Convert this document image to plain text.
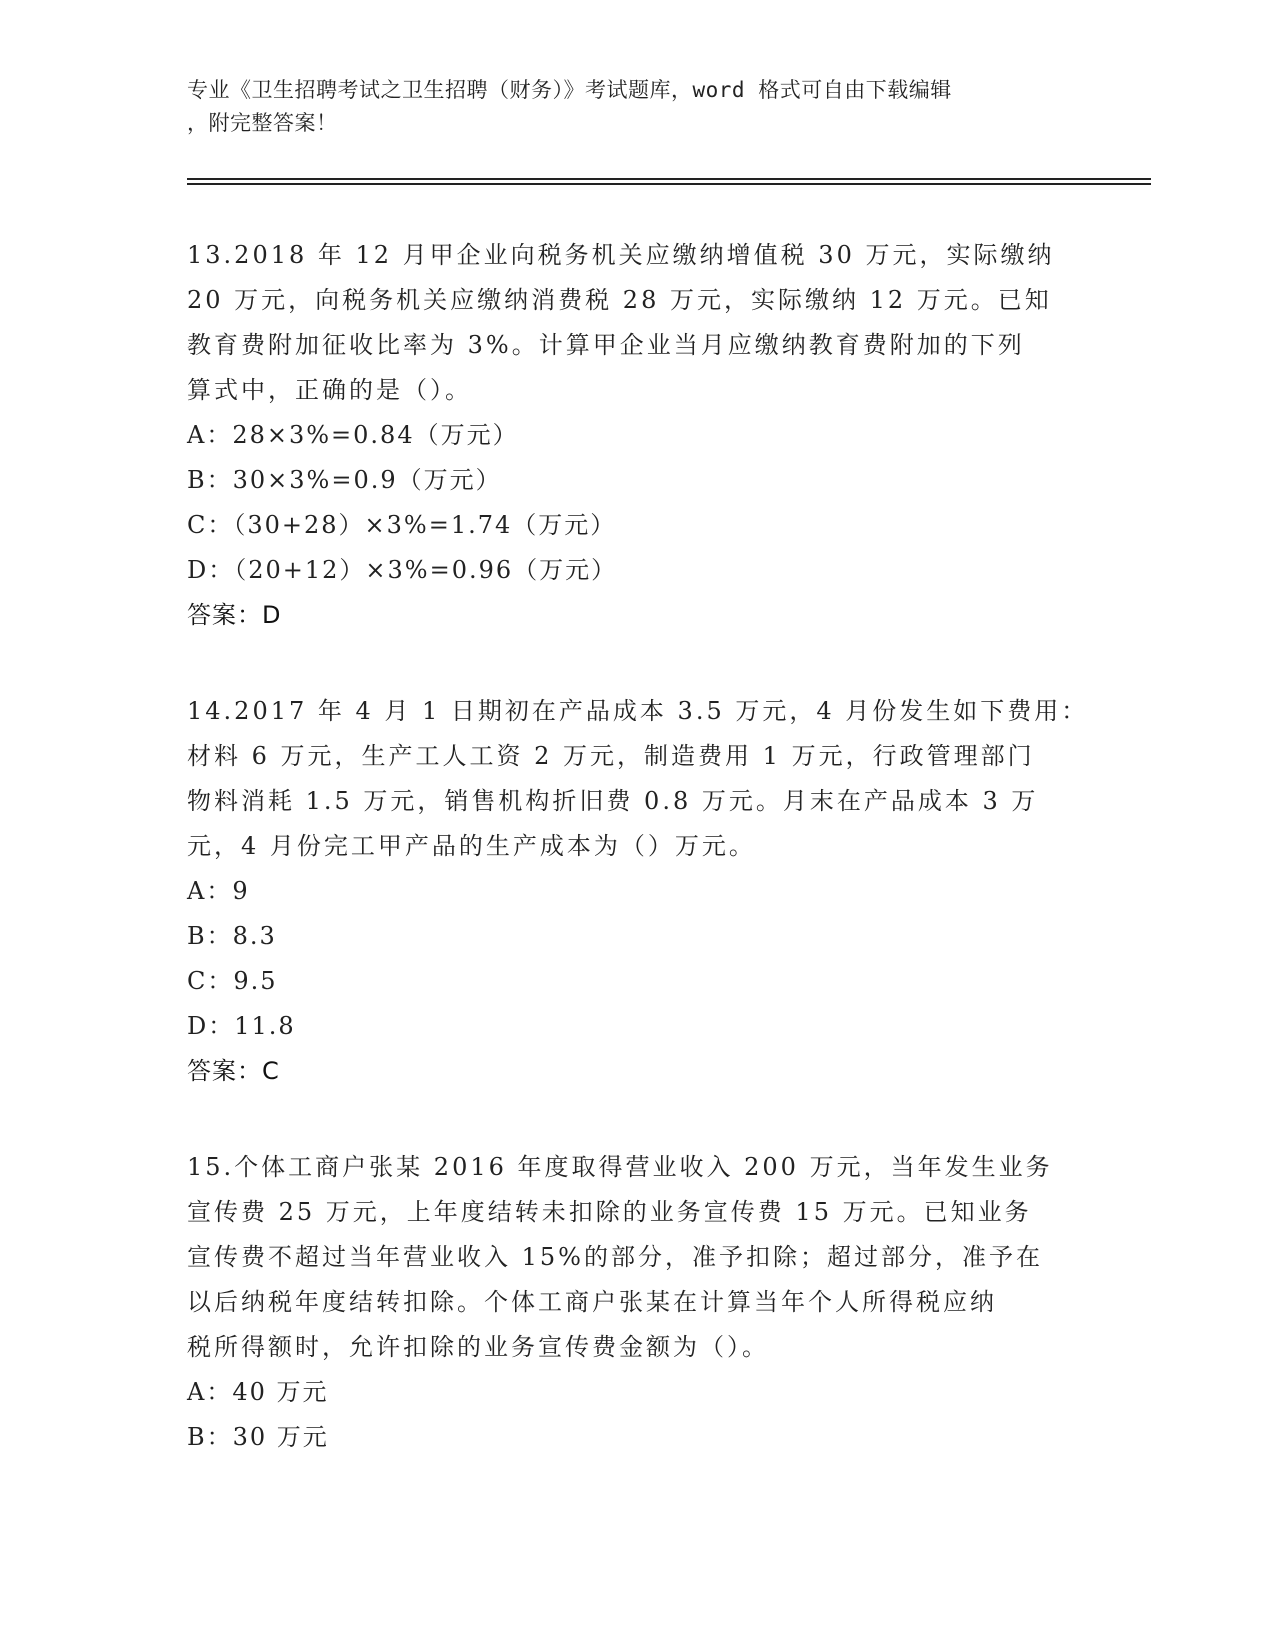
专业《卫生招聘考试之卫生招聘（财务）》考试题库，word 格式可自由下载编辑
，附完整答案！
13.2018 年 12 月甲企业向税务机关应缴纳增值税 30 万元，实际缴纳
20 万元，向税务机关应缴纳消费税 28 万元，实际缴纳 12 万元。已知
教育费附加征收比率为 3%。计算甲企业当月应缴纳教育费附加的下列
算式中，正确的是（）。
A：28×3%=0.84（万元）
B：30×3%=0.9（万元）
C：（30+28）×3%=1.74（万元）
D：（20+12）×3%=0.96（万元）
答案：D
14.2017 年 4 月 1 日期初在产品成本 3.5 万元，4 月份发生如下费用：
材料 6 万元，生产工人工资 2 万元，制造费用 1 万元，行政管理部门
物料消耗 1.5 万元，销售机构折旧费 0.8 万元。月末在产品成本 3 万
元，4 月份完工甲产品的生产成本为（）万元。
A：9
B：8.3
C：9.5
D：11.8
答案：C
15.个体工商户张某 2016 年度取得营业收入 200 万元，当年发生业务
宣传费 25 万元，上年度结转未扣除的业务宣传费 15 万元。已知业务
宣传费不超过当年营业收入 15%的部分，准予扣除；超过部分，准予在
以后纳税年度结转扣除。个体工商户张某在计算当年个人所得税应纳
税所得额时，允许扣除的业务宣传费金额为（）。
A：40 万元
B：30 万元
